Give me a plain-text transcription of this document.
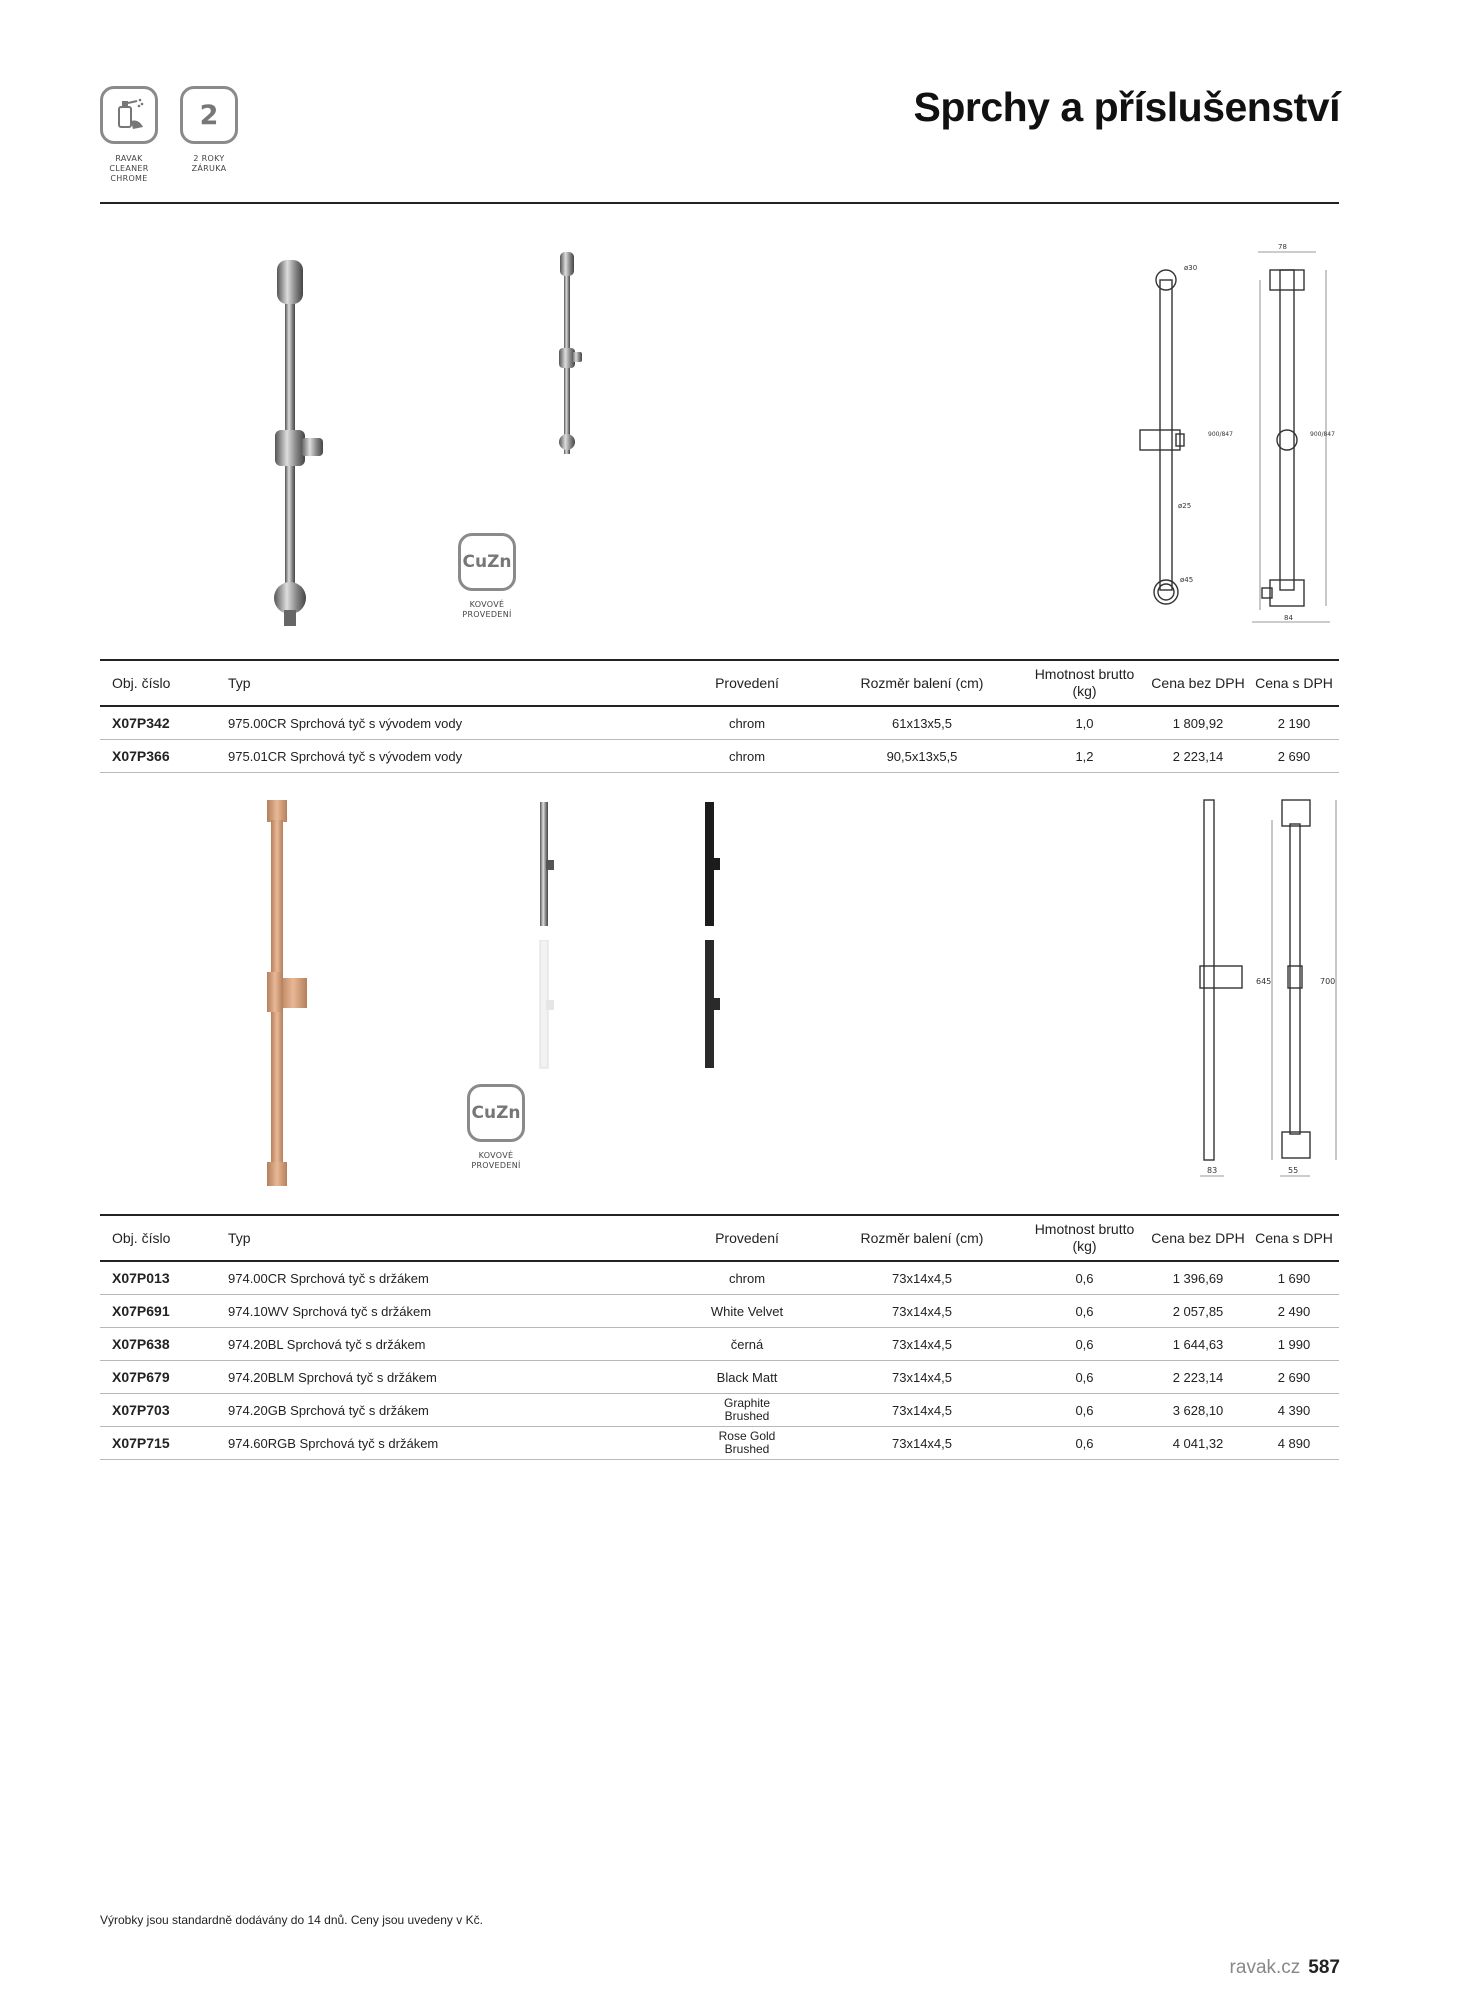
RAVAK
CLEANER
CHROME
2
2 ROKY
ZÁRUKA
Sprchy a příslušenství
CuZn
KOVOVÉ
PROVEDENÍ
ø30
900/847
ø25
ø45
900/847
78
84
Obj. číslo	Typ	Provedení	Rozměr balení (cm)	Hmotnost brutto (kg)	Cena bez DPH	Cena s DPH
X07P342	975.00CR Sprchová tyč s vývodem vody	chrom	61x13x5,5	1,0	1 809,92	2 190
X07P366	975.01CR Sprchová tyč s vývodem vody	chrom	90,5x13x5,5	1,2	2 223,14	2 690
CuZn
KOVOVÉ
PROVEDENÍ
645	700
83	55
Obj. číslo	Typ	Provedení	Rozměr balení (cm)	Hmotnost brutto (kg)	Cena bez DPH	Cena s DPH
X07P013	974.00CR Sprchová tyč s držákem	chrom	73x14x4,5	0,6	1 396,69	1 690
X07P691	974.10WV Sprchová tyč s držákem	White Velvet	73x14x4,5	0,6	2 057,85	2 490
X07P638	974.20BL Sprchová tyč s držákem	černá	73x14x4,5	0,6	1 644,63	1 990
X07P679	974.20BLM Sprchová tyč s držákem	Black Matt	73x14x4,5	0,6	2 223,14	2 690
X07P703	974.20GB Sprchová tyč s držákem	Graphite Brushed	73x14x4,5	0,6	3 628,10	4 390
X07P715	974.60RGB Sprchová tyč s držákem	Rose Gold Brushed	73x14x4,5	0,6	4 041,32	4 890
Výrobky jsou standardně dodávány do 14 dnů. Ceny jsou uvedeny v Kč.
ravak.cz 587
